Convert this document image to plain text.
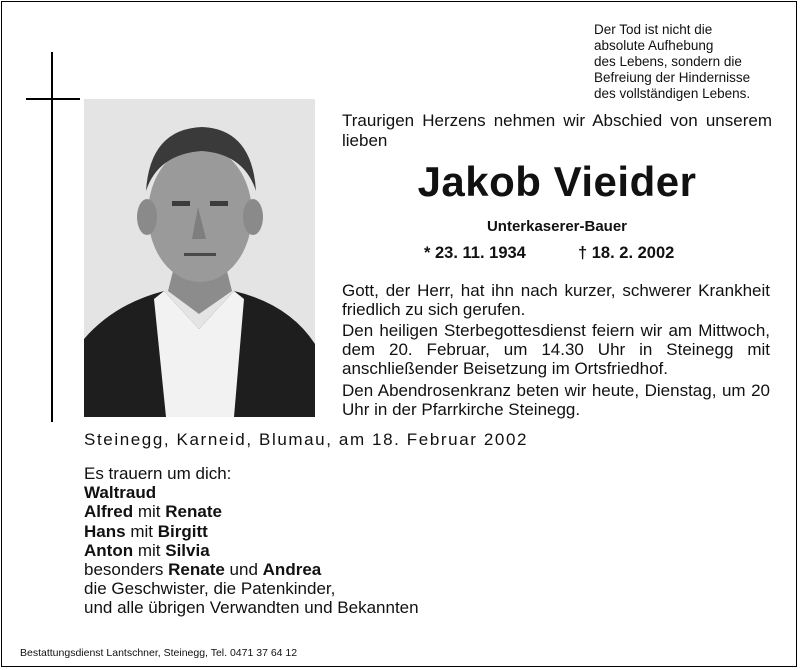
Der Tod ist nicht die
absolute Aufhebung
des Lebens, sondern die
Befreiung der Hindernisse
des vollständigen Lebens.
Traurigen Herzens nehmen wir Abschied von unserem lieben
Jakob Vieider
Unterkaserer-Bauer
* 23. 11. 1934	† 18. 2. 2002
Gott, der Herr, hat ihn nach kurzer, schwerer Krankheit friedlich zu sich gerufen.
Den heiligen Sterbegottesdienst feiern wir am Mittwoch, dem 20. Februar, um 14.30 Uhr in Steinegg mit anschließender Beisetzung im Ortsfriedhof.
Den Abendrosenkranz beten wir heute, Dienstag, um 20 Uhr in der Pfarrkirche Steinegg.
Steinegg, Karneid, Blumau, am 18. Februar 2002
Es trauern um dich:
Waltraud
Alfred mit Renate
Hans mit Birgitt
Anton mit Silvia
besonders Renate und Andrea
die Geschwister, die Patenkinder,
und alle übrigen Verwandten und Bekannten
Bestattungsdienst Lantschner, Steinegg, Tel. 0471 37 64 12
